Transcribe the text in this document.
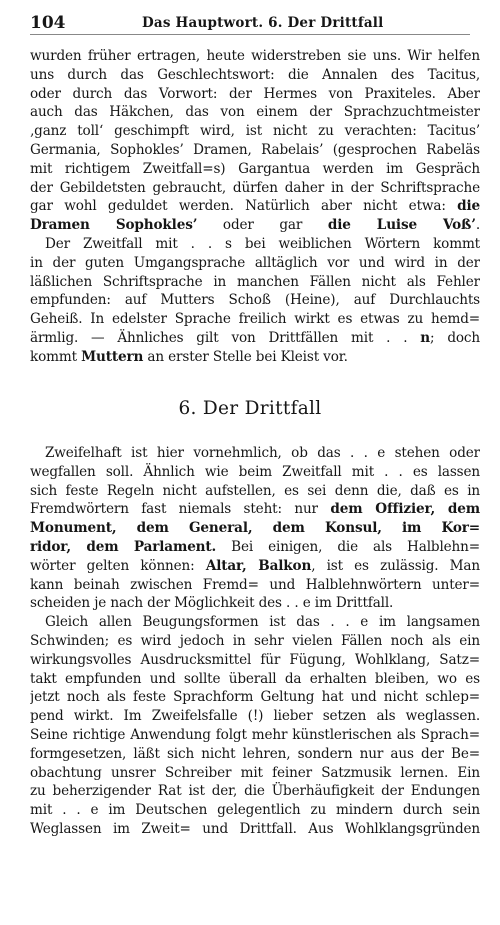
104	Das Hauptwort. 6. Der Drittfall
wurden früher ertragen, heute widerstreben sie uns. Wir helfen
uns durch das Geschlechtswort: die Annalen des Tacitus,
oder durch das Vorwort: der Hermes von Praxiteles. Aber
auch das Häkchen, das von einem der Sprachzuchtmeister
‚ganz toll‘ geschimpft wird, ist nicht zu verachten: Tacitus’
Germania, Sophokles’ Dramen, Rabelais’ (gesprochen Rabeläs
mit richtigem Zweitfall=s) Gargantua werden im Gespräch
der Gebildetsten gebraucht, dürfen daher in der Schriftsprache
gar wohl geduldet werden. Natürlich aber nicht etwa: die
Dramen Sophokles’ oder gar die Luise Voß’.
Der Zweitfall mit . . s bei weiblichen Wörtern kommt
in der guten Umgangsprache alltäglich vor und wird in der
läßlichen Schriftsprache in manchen Fällen nicht als Fehler
empfunden: auf Mutters Schoß (Heine), auf Durchlauchts
Geheiß. In edelster Sprache freilich wirkt es etwas zu hemd=
ärmlig. — Ähnliches gilt von Drittfällen mit . . n; doch
kommt Muttern an erster Stelle bei Kleist vor.
6. Der Drittfall
Zweifelhaft ist hier vornehmlich, ob das . . e stehen oder
wegfallen soll. Ähnlich wie beim Zweitfall mit . . es lassen
sich feste Regeln nicht aufstellen, es sei denn die, daß es in
Fremdwörtern fast niemals steht: nur dem Offizier, dem
Monument, dem General, dem Konsul, im Kor=
ridor, dem Parlament. Bei einigen, die als Halblehn=
wörter gelten können: Altar, Balkon, ist es zulässig. Man
kann beinah zwischen Fremd= und Halblehnwörtern unter=
scheiden je nach der Möglichkeit des . . e im Drittfall.
Gleich allen Beugungsformen ist das . . e im langsamen
Schwinden; es wird jedoch in sehr vielen Fällen noch als ein
wirkungsvolles Ausdrucksmittel für Fügung, Wohlklang, Satz=
takt empfunden und sollte überall da erhalten bleiben, wo es
jetzt noch als feste Sprachform Geltung hat und nicht schlep=
pend wirkt. Im Zweifelsfalle (!) lieber setzen als weglassen.
Seine richtige Anwendung folgt mehr künstlerischen als Sprach=
formgesetzen, läßt sich nicht lehren, sondern nur aus der Be=
obachtung unsrer Schreiber mit feiner Satzmusik lernen. Ein
zu beherzigender Rat ist der, die Überhäufigkeit der Endungen
mit . . e im Deutschen gelegentlich zu mindern durch sein
Weglassen im Zweit= und Drittfall. Aus Wohlklangsgründen
